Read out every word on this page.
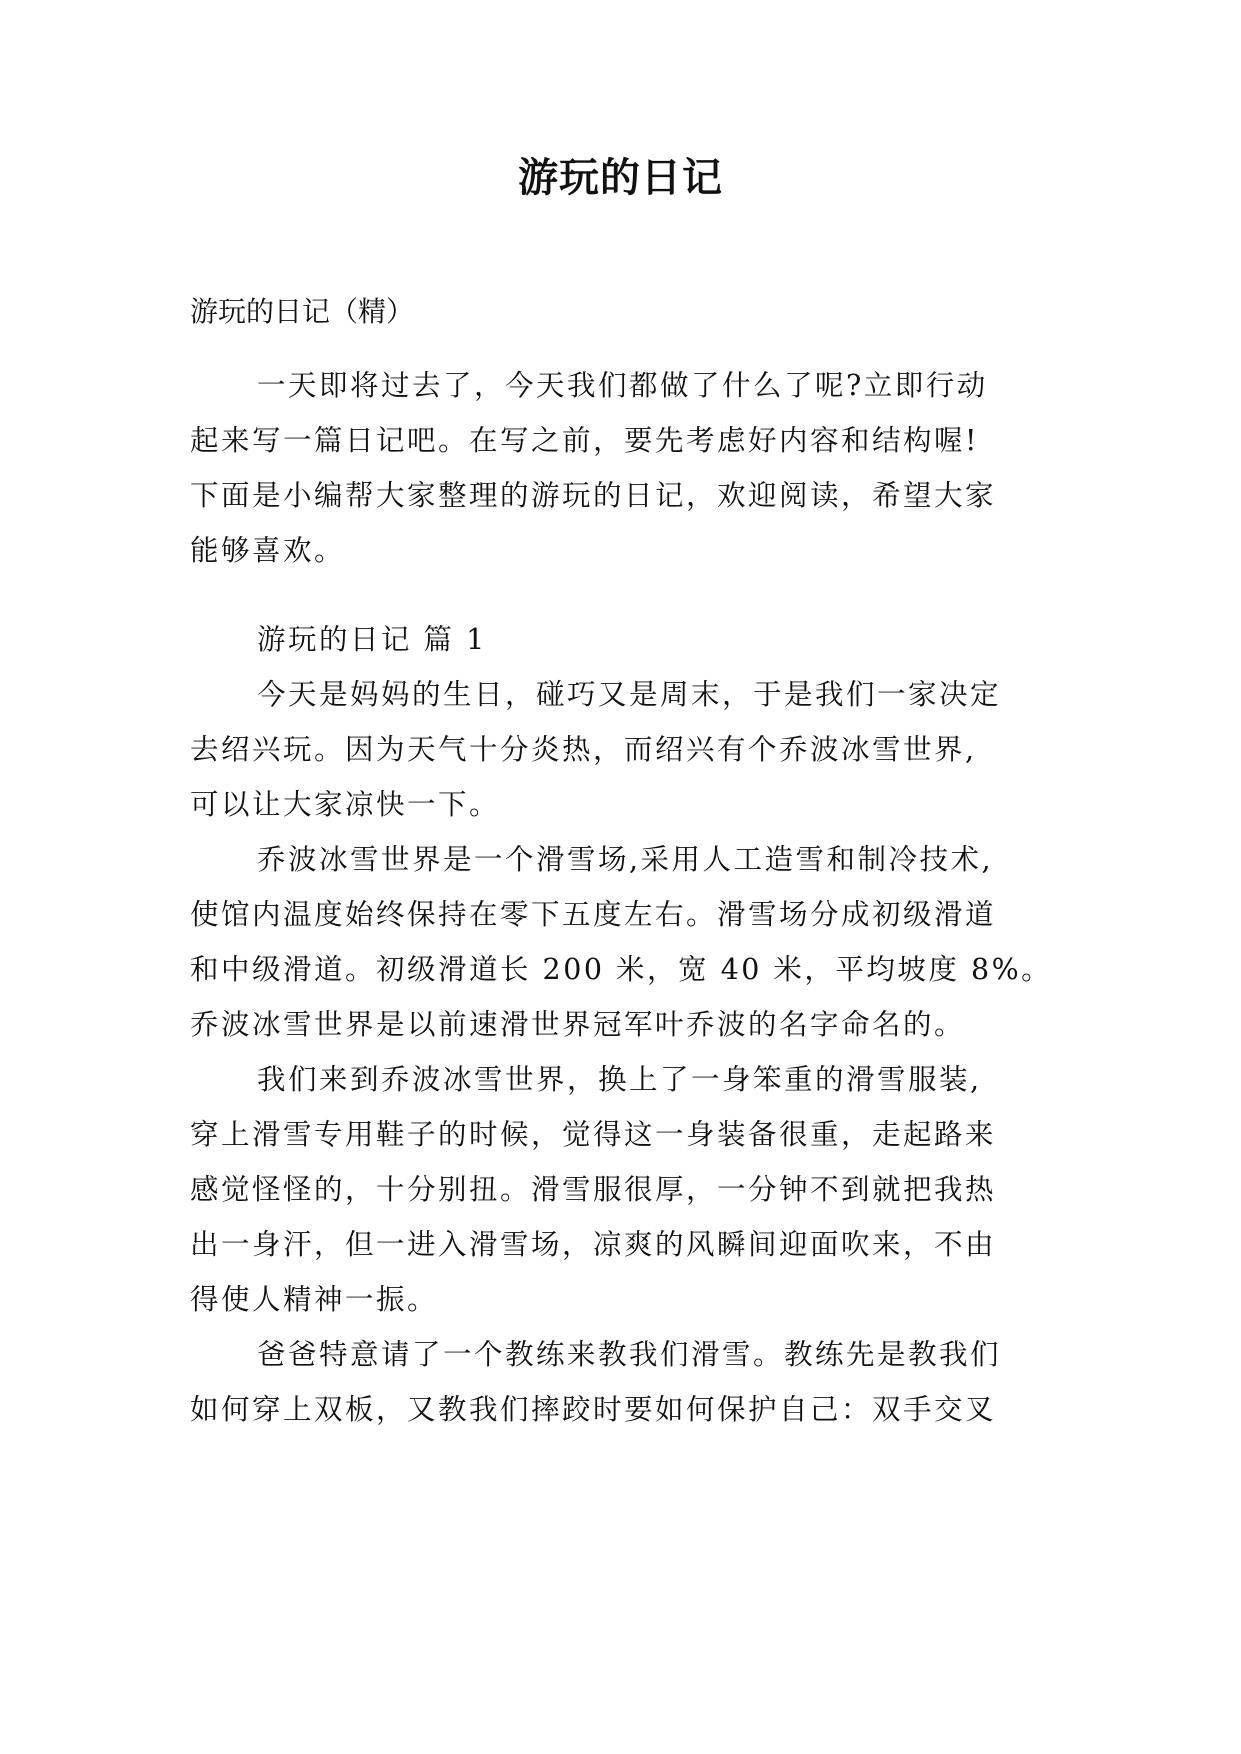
游玩的日记
游玩的日记（精）
一天即将过去了，今天我们都做了什么了呢?立即行动
起来写一篇日记吧。在写之前，要先考虑好内容和结构喔!
下面是小编帮大家整理的游玩的日记，欢迎阅读，希望大家
能够喜欢。
游玩的日记 篇 1
今天是妈妈的生日，碰巧又是周末，于是我们一家决定
去绍兴玩。因为天气十分炎热，而绍兴有个乔波冰雪世界,
可以让大家凉快一下。
乔波冰雪世界是一个滑雪场,采用人工造雪和制冷技术,
使馆内温度始终保持在零下五度左右。滑雪场分成初级滑道
和中级滑道。初级滑道长 200 米，宽 40 米，平均坡度 8%。
乔波冰雪世界是以前速滑世界冠军叶乔波的名字命名的。
我们来到乔波冰雪世界，换上了一身笨重的滑雪服装,
穿上滑雪专用鞋子的时候，觉得这一身装备很重，走起路来
感觉怪怪的，十分别扭。滑雪服很厚，一分钟不到就把我热
出一身汗，但一进入滑雪场，凉爽的风瞬间迎面吹来，不由
得使人精神一振。
爸爸特意请了一个教练来教我们滑雪。教练先是教我们
如何穿上双板，又教我们摔跤时要如何保护自己：双手交叉
